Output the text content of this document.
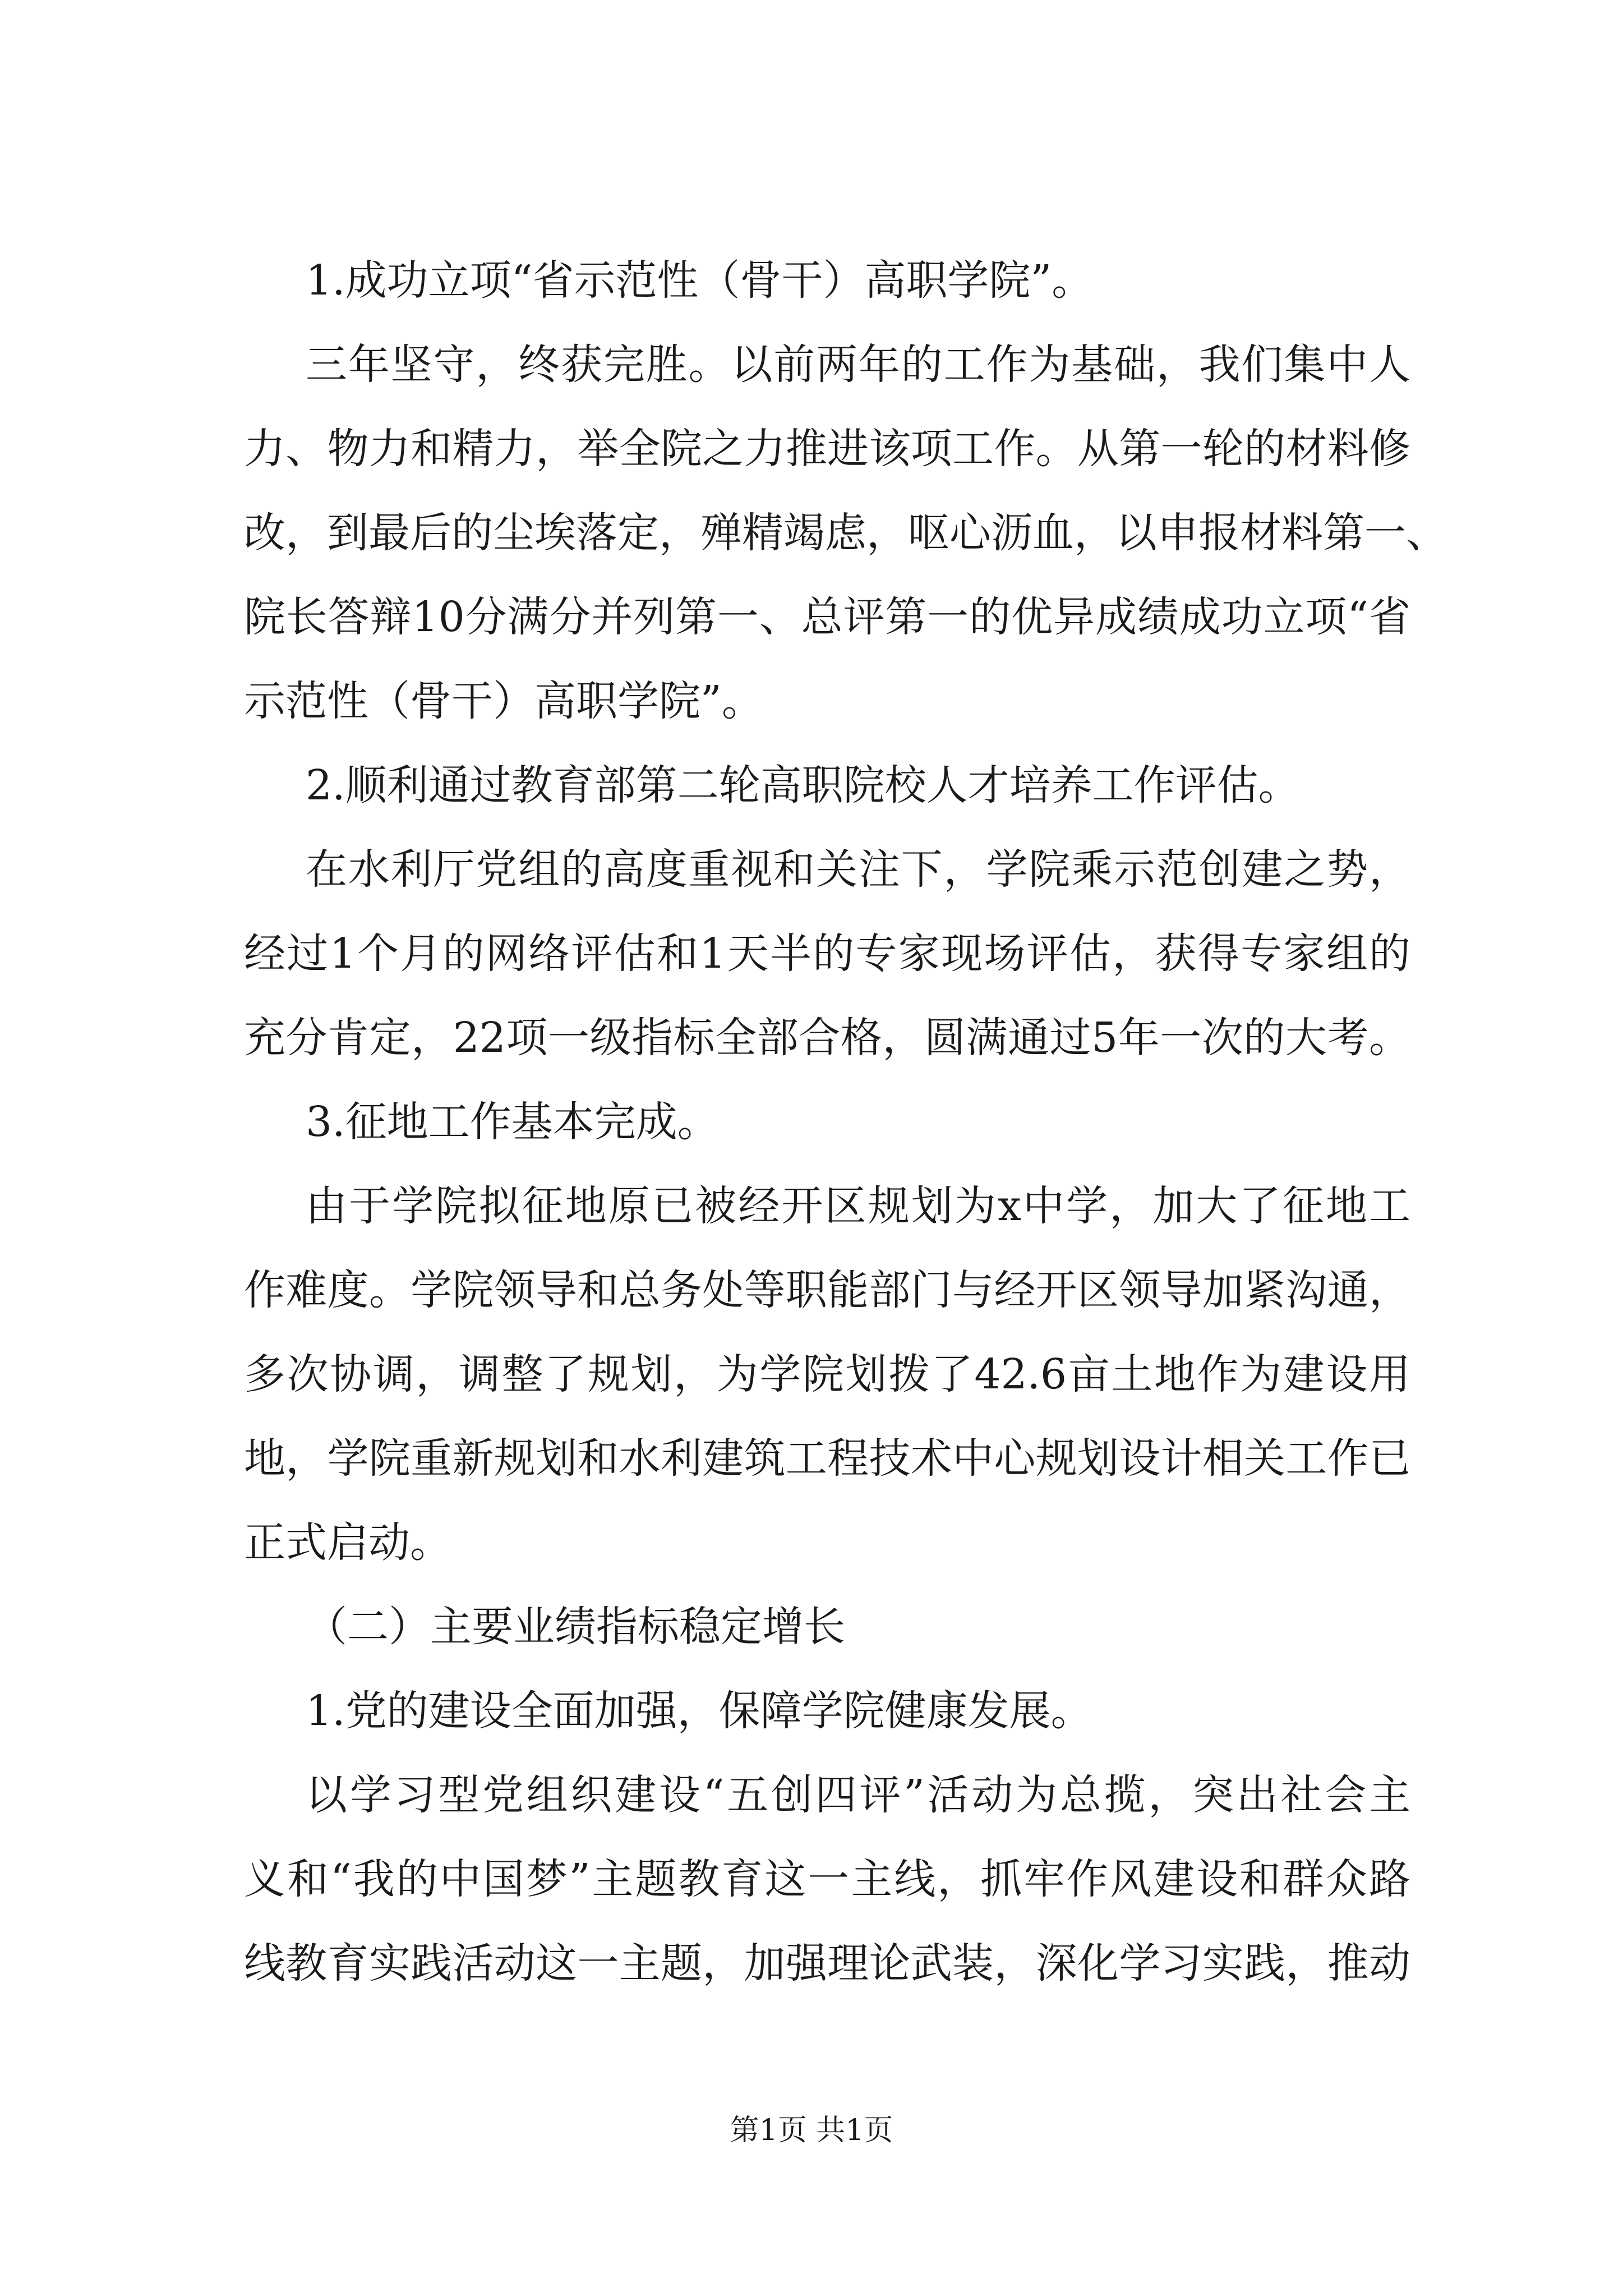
1.成功立项“省示范性（骨干）高职学院”。
三年坚守，终获完胜。以前两年的工作为基础，我们集中人
力、物力和精力，举全院之力推进该项工作。从第一轮的材料修
改，到最后的尘埃落定，殚精竭虑，呕心沥血，以申报材料第一、
院长答辩10分满分并列第一、总评第一的优异成绩成功立项“省
示范性（骨干）高职学院”。
2.顺利通过教育部第二轮高职院校人才培养工作评估。
在水利厅党组的高度重视和关注下，学院乘示范创建之势，
经过1个月的网络评估和1天半的专家现场评估，获得专家组的
充分肯定，22项一级指标全部合格，圆满通过5年一次的大考。
3.征地工作基本完成。
由于学院拟征地原已被经开区规划为x中学，加大了征地工
作难度。学院领导和总务处等职能部门与经开区领导加紧沟通，
多次协调，调整了规划，为学院划拨了42.6亩土地作为建设用
地，学院重新规划和水利建筑工程技术中心规划设计相关工作已
正式启动。
（二）主要业绩指标稳定增长
1.党的建设全面加强，保障学院健康发展。
以学习型党组织建设“五创四评”活动为总揽，突出社会主
义和“我的中国梦”主题教育这一主线，抓牢作风建设和群众路
线教育实践活动这一主题，加强理论武装，深化学习实践，推动
第1页 共1页
